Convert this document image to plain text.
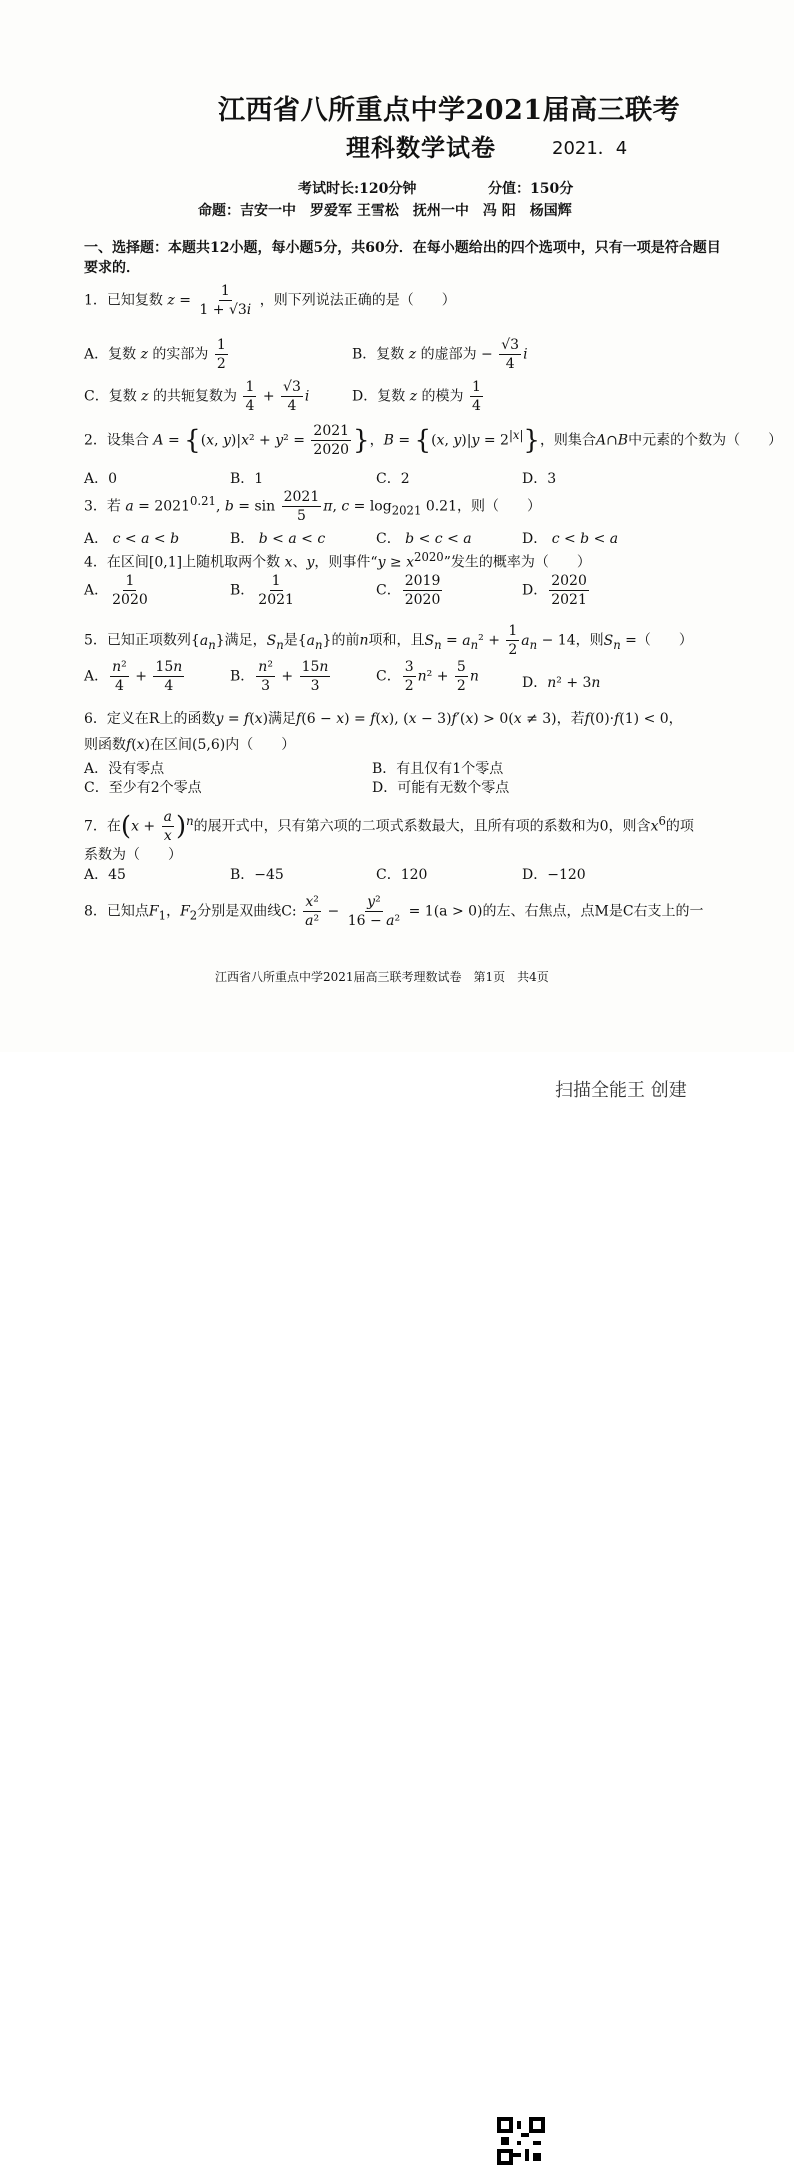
江西省八所重点中学2021届高三联考
理科数学试卷	2021．4
考试时长:120分钟	分值：150分
命题：吉安一中　罗爱军 王雪松　抚州一中　冯 阳　杨国辉
一、选择题：本题共12小题，每小题5分，共60分．在每小题给出的四个选项中，只有一项是符合题目要求的．
1．已知复数 $z = \frac{1}{1 + √3i}$ ，则下列说法正确的是（　　）
A．复数 z 的实部为 $\frac{1}{2}$	B．复数 z 的虚部为 − $\frac{√3}{4}$ i
C．复数 z 的共轭复数为 $\frac{1}{4} + \frac{√3}{4}$ i	D．复数 z 的模为 $\frac{1}{4}$
2．设集合 A = {(x, $y)|x^2 + y^2 = \frac{2021}{2020}$ }，B = {(x, $y)|y = 2^{|x|}$}，则集合A∩B中元素的个数为（　　）
A．0	B．1	C．2	D．3
3．若 $a = 2021^{0.21}$, $b = \sin \frac{2021}{5} \pi$, $c = \log_{2021} 0.21$，则（　　）
A． c < a < b	B． b < a < c	C． b < c < a	D． c < b < a
4．在区间[0,1]上随机取两个数 x、y，则事件“$y \ge x^{2020}$”发生的概率为（　　）
A． $\frac{1}{2020}$	B． $\frac{1}{2021}$	C． $\frac{2019}{2020}$	D． $\frac{2020}{2021}$
5．已知正项数列$\{a_n\}$满足，$S_n$是$\{a_n\}$的前n项和，且$S_n = a_n^2 + \frac{1}{2} a_n - 14$，则$S_n$ =（　　）
A． $\frac{\text{n²}}{4} + \frac{15n}{4}$	B． $\frac{\text{n²}}{3} + \frac{15n}{3}$	C． $\frac{3}{2} n^2 + \frac{5}{2}$ n	D．n² + 3n
6．定义在R上的函数y = f(x)满足f(6 − x) = f(x), (x − 3)f′(x) > 0(x ≠ 3)，若f(0)·f(1) < 0，
则函数f(x)在区间(5,6)内（　　）
A．没有零点	B．有且仅有1个零点
C．至少有2个零点	D．可能有无数个零点
7．在$(x + \frac{a}{x} )^n$的展开式中，只有第六项的二项式系数最大，且所有项的系数和为0，则含$x^6$的项
系数为（　　）
A．45	B．−45	C．120	D．−120
8．已知点$F_1$，$F_2$分别是双曲线C: $\frac{\text{x²}}{\text{a²}} - \frac{\text{y²}}{\text{16 − a²}} = 1(a > 0)$的左、右焦点，点M是C右支上的一
江西省八所重点中学2021届高三联考理数试卷　第1页　共4页
扫描全能王 创建
